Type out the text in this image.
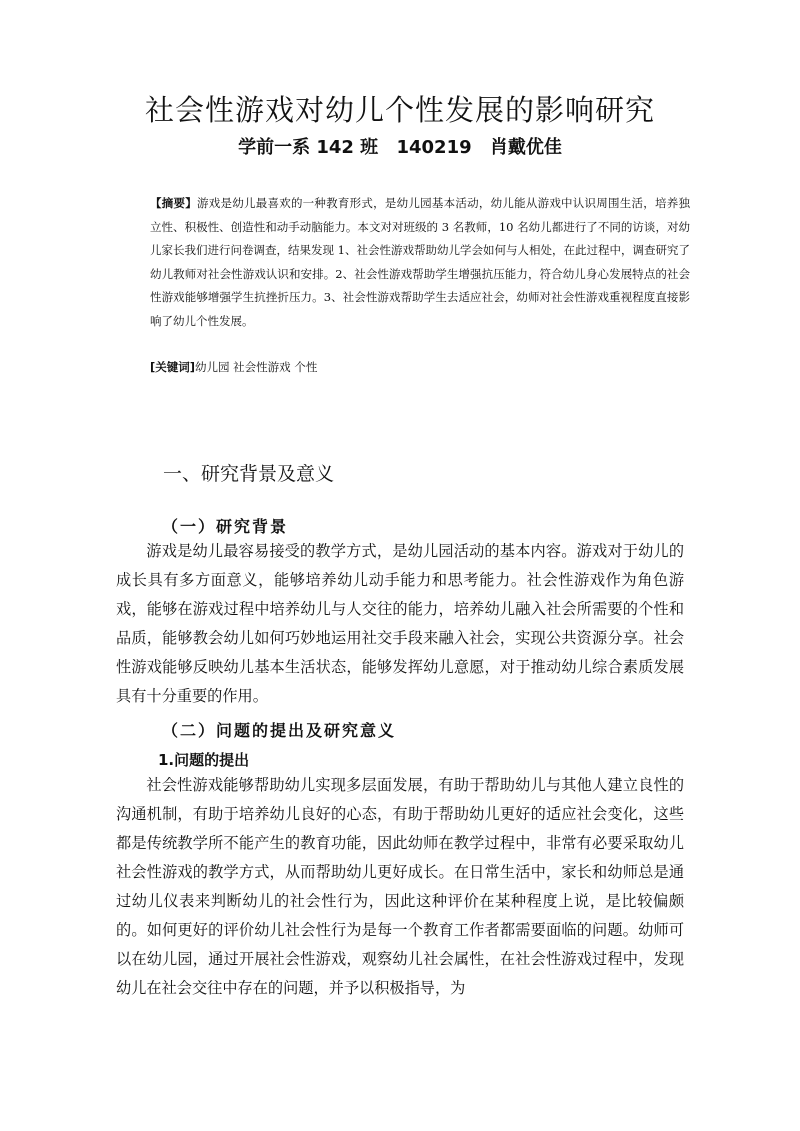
社会性游戏对幼儿个性发展的影响研究
学前一系 142 班 140219 肖戴优佳
【摘要】游戏是幼儿最喜欢的一种教育形式，是幼儿园基本活动，幼儿能从游戏中认识周围生活，培养独立性、积极性、创造性和动手动脑能力。本文对对班级的 3 名教师，10 名幼儿都进行了不同的访谈，对幼儿家长我们进行问卷调查，结果发现 1、社会性游戏帮助幼儿学会如何与人相处，在此过程中，调查研究了幼儿教师对社会性游戏认识和安排。2、社会性游戏帮助学生增强抗压能力，符合幼儿身心发展特点的社会性游戏能够增强学生抗挫折压力。3、社会性游戏帮助学生去适应社会，幼师对社会性游戏重视程度直接影响了幼儿个性发展。
[关键词]幼儿园 社会性游戏 个性
一、研究背景及意义
（一）研究背景

游戏是幼儿最容易接受的教学方式，是幼儿园活动的基本内容。游戏对于幼儿的成长具有多方面意义，能够培养幼儿动手能力和思考能力。社会性游戏作为角色游戏，能够在游戏过程中培养幼儿与人交往的能力，培养幼儿融入社会所需要的个性和品质，能够教会幼儿如何巧妙地运用社交手段来融入社会，实现公共资源分享。社会性游戏能够反映幼儿基本生活状态，能够发挥幼儿意愿，对于推动幼儿综合素质发展具有十分重要的作用。

（二）问题的提出及研究意义
1.问题的提出

社会性游戏能够帮助幼儿实现多层面发展，有助于帮助幼儿与其他人建立良性的沟通机制，有助于培养幼儿良好的心态，有助于帮助幼儿更好的适应社会变化，这些都是传统教学所不能产生的教育功能，因此幼师在教学过程中，非常有必要采取幼儿社会性游戏的教学方式，从而帮助幼儿更好成长。在日常生活中，家长和幼师总是通过幼儿仪表来判断幼儿的社会性行为，因此这种评价在某种程度上说，是比较偏颇的。如何更好的评价幼儿社会性行为是每一个教育工作者都需要面临的问题。幼师可以在幼儿园，通过开展社会性游戏，观察幼儿社会属性，在社会性游戏过程中，发现幼儿在社会交往中存在的问题，并予以积极指导，为
